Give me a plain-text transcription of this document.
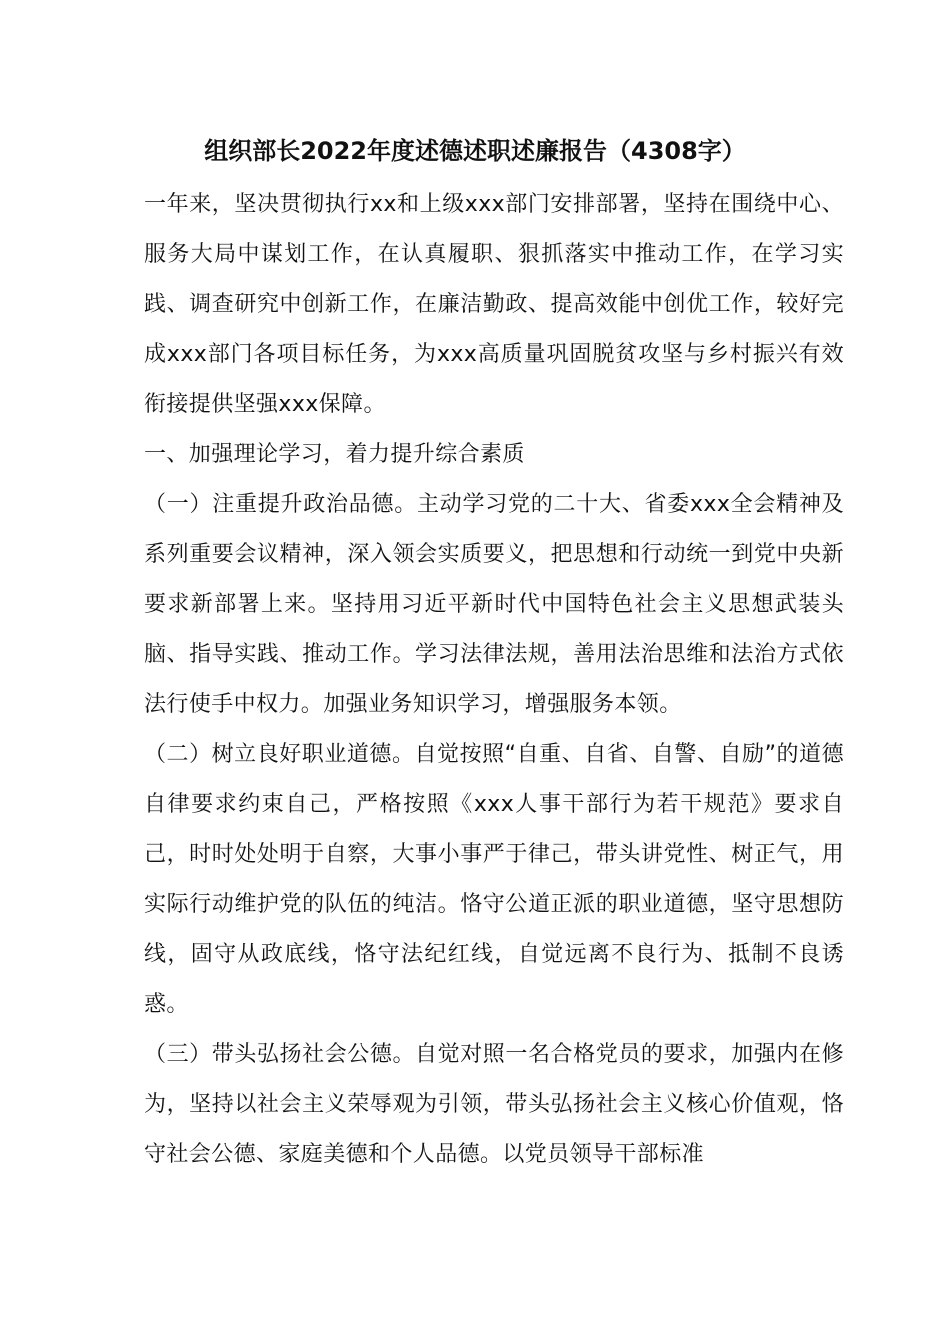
组织部长2022年度述德述职述廉报告（4308字）

一年来，坚决贯彻执行xx和上级xxx部门安排部署，坚持在围绕中心、服务大局中谋划工作，在认真履职、狠抓落实中推动工作，在学习实践、调查研究中创新工作，在廉洁勤政、提高效能中创优工作，较好完成xxx部门各项目标任务，为xxx高质量巩固脱贫攻坚与乡村振兴有效衔接提供坚强xxx保障。

一、加强理论学习，着力提升综合素质

（一）注重提升政治品德。主动学习党的二十大、省委xxx全会精神及系列重要会议精神，深入领会实质要义，把思想和行动统一到党中央新要求新部署上来。坚持用习近平新时代中国特色社会主义思想武装头脑、指导实践、推动工作。学习法律法规，善用法治思维和法治方式依法行使手中权力。加强业务知识学习，增强服务本领。

（二）树立良好职业道德。自觉按照“自重、自省、自警、自励”的道德自律要求约束自己，严格按照《xxx人事干部行为若干规范》要求自己，时时处处明于自察，大事小事严于律己，带头讲党性、树正气，用实际行动维护党的队伍的纯洁。恪守公道正派的职业道德，坚守思想防线，固守从政底线，恪守法纪红线，自觉远离不良行为、抵制不良诱惑。

（三）带头弘扬社会公德。自觉对照一名合格党员的要求，加强内在修为，坚持以社会主义荣辱观为引领，带头弘扬社会主义核心价值观，恪守社会公德、家庭美德和个人品德。以党员领导干部标准
